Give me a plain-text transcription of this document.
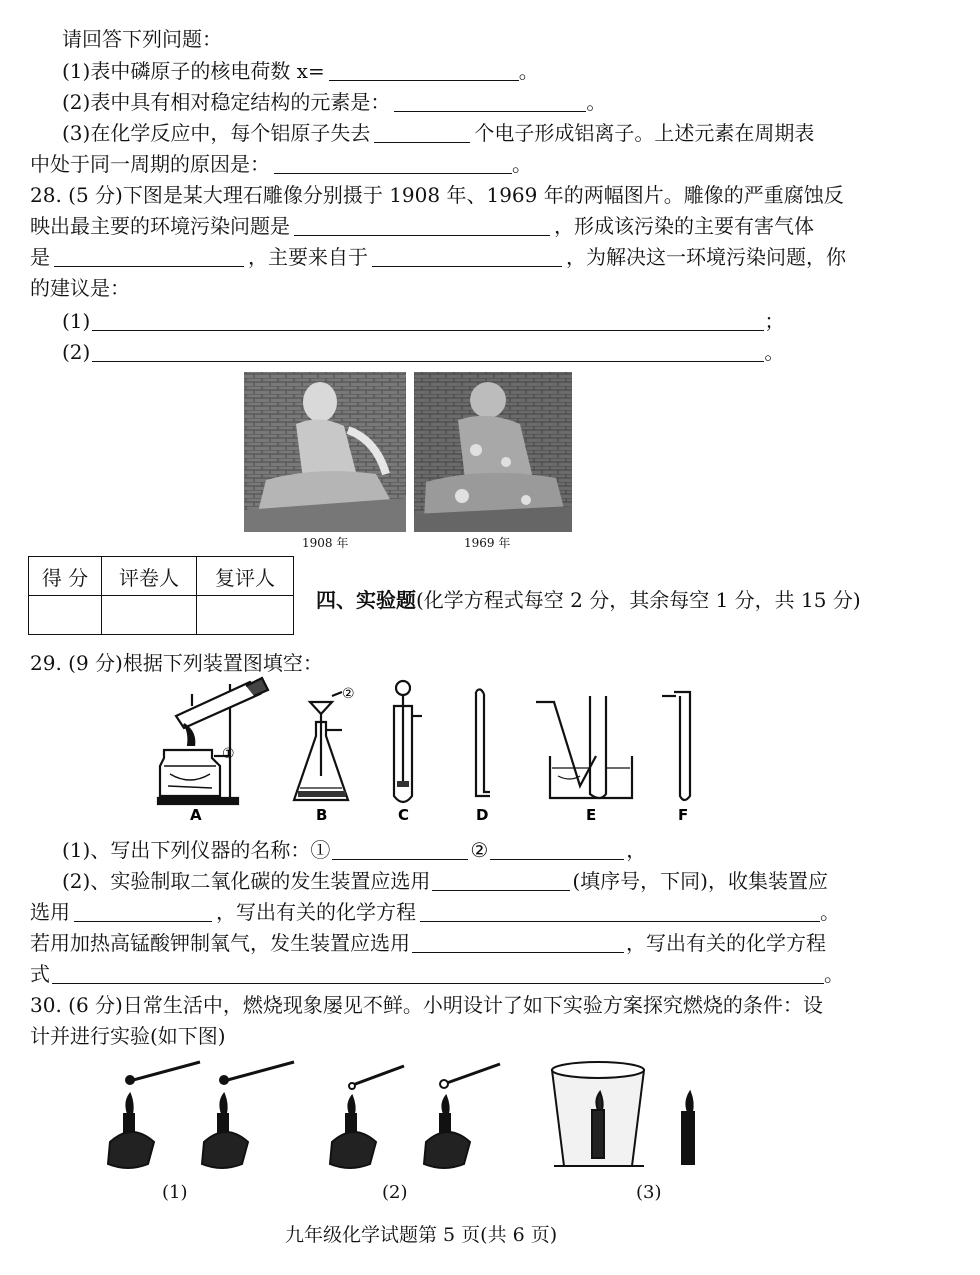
请回答下列问题：
(1)表中磷原子的核电荷数 x=	。
(2)表中具有相对稳定结构的元素是：	。
(3)在化学反应中，每个铝原子失去	个电子形成铝离子。上述元素在周期表
中处于同一周期的原因是：	。
28. (5 分)下图是某大理石雕像分别摄于 1908 年、1969 年的两幅图片。雕像的严重腐蚀反
映出最主要的环境污染问题是	，形成该污染的主要有害气体
是	，主要来自于	，为解决这一环境污染问题，你
的建议是：
(1)	；
(2)	。
1908 年	1969 年
得 分	评卷人	复评人

四、实验题(化学方程式每空 2 分，其余每空 1 分，共 15 分)
29. (9 分)根据下列装置图填空：
①
②
A	B	C	D	E	F
(1)、写出下列仪器的名称：①	②	，
(2)、实验制取二氧化碳的发生装置应选用	(填序号，下同)，收集装置应
选用	，写出有关的化学方程	。
若用加热高锰酸钾制氧气，发生装置应选用	，写出有关的化学方程
式	。
30. (6 分)日常生活中，燃烧现象屡见不鲜。小明设计了如下实验方案探究燃烧的条件：设
计并进行实验(如下图)
(1)	(2)	(3)
九年级化学试题第 5 页(共 6 页)
